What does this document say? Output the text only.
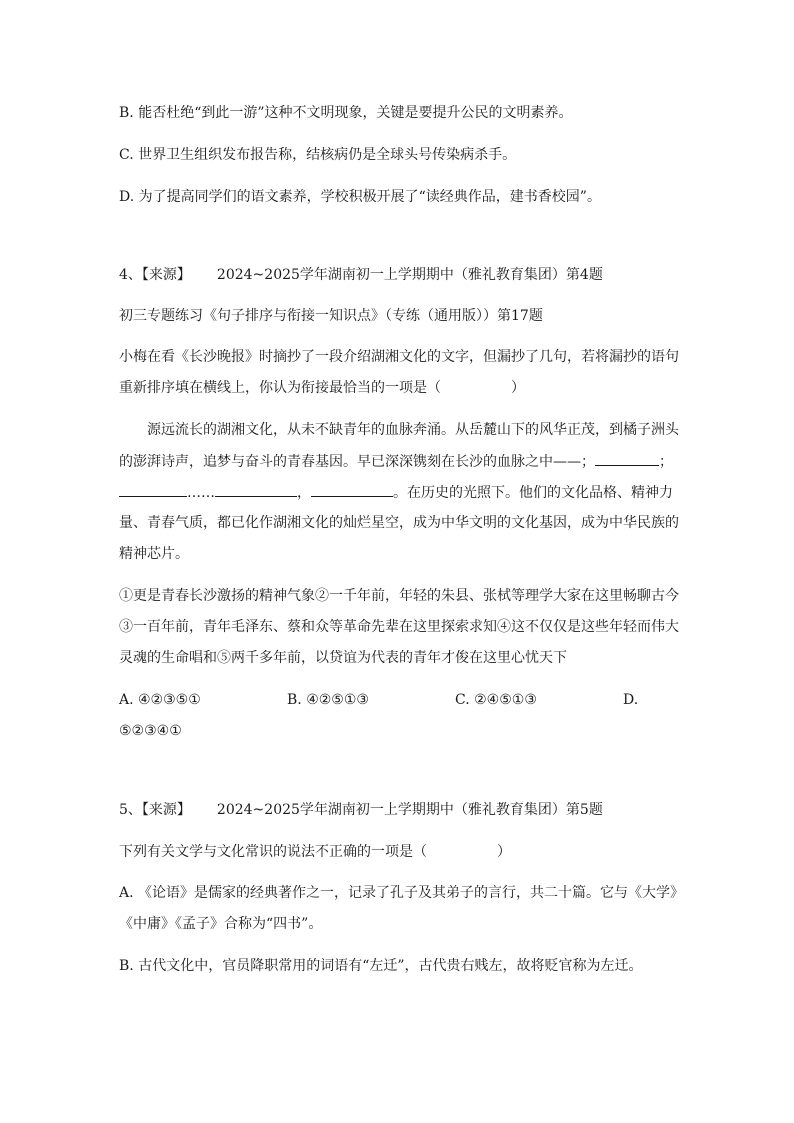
B. 能否杜绝“到此一游”这种不文明现象，关键是要提升公民的文明素养。
C. 世界卫生组织发布报告称，结核病仍是全球头号传染病杀手。
D. 为了提高同学们的语文素养，学校积极开展了“读经典作品，建书香校园”。
4、【来源】 2024~2025学年湖南初一上学期期中（雅礼教育集团）第4题
初三专题练习《句子排序与衔接一知识点》（专练（通用版））第17题
小梅在看《长沙晚报》时摘抄了一段介绍湖湘文化的文字，但漏抄了几句，若将漏抄的语句
重新排序填在横线上，你认为衔接最恰当的一项是（　　　　　）
源远流长的湖湘文化，从未不缺青年的血脉奔涌。从岳麓山下的风华正茂，到橘子洲头
的澎湃诗声，追梦与奋斗的青春基因。早已深深镌刻在长沙的血脉之中——；	；
……	，	。在历史的光照下。他们的文化品格、精神力
量、青春气质，都已化作湖湘文化的灿烂星空，成为中华文明的文化基因，成为中华民族的
精神芯片。
①更是青春长沙激扬的精神气象②一千年前，年轻的朱县、张栻等理学大家在这里畅聊古今
③一百年前，青年毛泽东、蔡和众等革命先辈在这里探索求知④这不仅仅是这些年轻而伟大
灵魂的生命唱和⑤两千多年前，以贷谊为代表的青年才俊在这里心忧天下
A. ④②③⑤①	B. ④②⑤①③	C. ②④⑤①③	D.
⑤②③④①
5、【来源】 2024~2025学年湖南初一上学期期中（雅礼教育集团）第5题
下列有关文学与文化常识的说法不正确的一项是（　　　　　）
A. 《论语》是儒家的经典著作之一，记录了孔子及其弟子的言行，共二十篇。它与《大学》
《中庸》《孟子》合称为“四书”。
B. 古代文化中，官员降职常用的词语有“左迁”，古代贵右贱左，故将贬官称为左迁。
